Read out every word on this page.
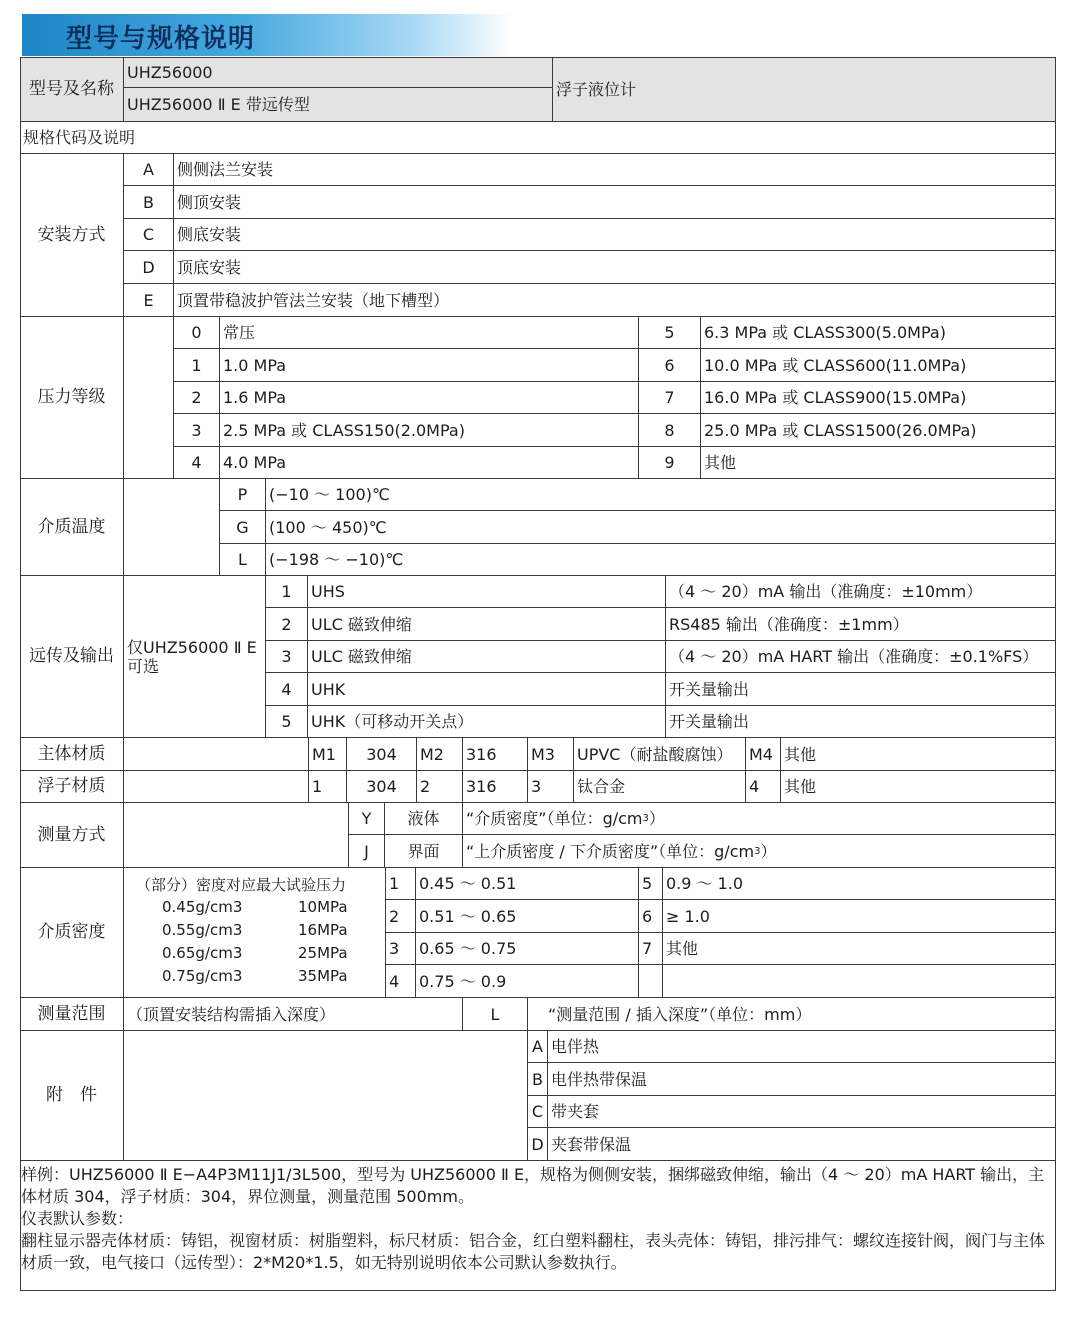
型号与规格说明
型号及名称
UHZ56000
UHZ56000 Ⅱ E 带远传型
浮子液位计
规格代码及说明
安装方式
A	侧侧法兰安装
B	侧顶安装
C	侧底安装
D	顶底安装
E	顶置带稳波护管法兰安装（地下槽型）
压力等级
0	常压	5	6.3 MPa 或 CLASS300(5.0MPa)
1	1.0 MPa	6	10.0 MPa 或 CLASS600(11.0MPa)
2	1.6 MPa	7	16.0 MPa 或 CLASS900(15.0MPa)
3	2.5 MPa 或 CLASS150(2.0MPa)	8	25.0 MPa 或 CLASS1500(26.0MPa)
4	4.0 MPa	9	其他
介质温度
P	(−10 ～ 100)℃
G	(100 ～ 450)℃
L	(−198 ～ −10)℃
远传及输出 仅UHZ56000 Ⅱ E
可选
1	UHS	（4 ～ 20）mA 输出（准确度：±10mm）
2	ULC 磁致伸缩	RS485 输出（准确度：±1mm）
3	ULC 磁致伸缩	（4 ～ 20）mA HART 输出（准确度：±0.1%FS）
4	UHK	开关量输出
5	UHK（可移动开关点）	开关量输出
主体材质	M1	304	M2	316	M3	UPVC（耐盐酸腐蚀）	M4 其他
浮子材质	1	304	2	316	3	钛合金	4	其他
测量方式
Y	液体	“介质密度”（单位：g/cm 3 ）
J	界面	“上介质密度 / 下介质密度”（单位：g/cm 3 ）
介质密度
（部分）密度对应最大试验压力
0.45g/cm3	10MPa
0.55g/cm3	16MPa
0.65g/cm3	25MPa
0.75g/cm3	35MPa
1	0.45 ～ 0.51	5 0.9 ～ 1.0
2	0.51 ～ 0.65	6 ≥ 1.0
3	0.65 ～ 0.75	7 其他
4	0.75 ～ 0.9
测量范围	（顶置安装结构需插入深度）	L	“测量范围 / 插入深度”（单位：mm）
附　件
A 电伴热
B 电伴热带保温
C 带夹套
D 夹套带保温
样例：UHZ56000 Ⅱ E−A4P3M11J1/3L500，型号为 UHZ56000 Ⅱ E，规格为侧侧安装，捆绑磁致伸缩，输出（4 ～ 20）mA HART 输出，主体材质 304，浮子材质：304，界位测量，测量范围 500mm。
仪表默认参数：
翻柱显示器壳体材质：铸铝，视窗材质：树脂塑料，标尺材质：铝合金，红白塑料翻柱，表头壳体：铸铝，排污排气：螺纹连接针阀，阀门与主体材质一致，电气接口（远传型）：2*M20*1.5，如无特别说明依本公司默认参数执行。
